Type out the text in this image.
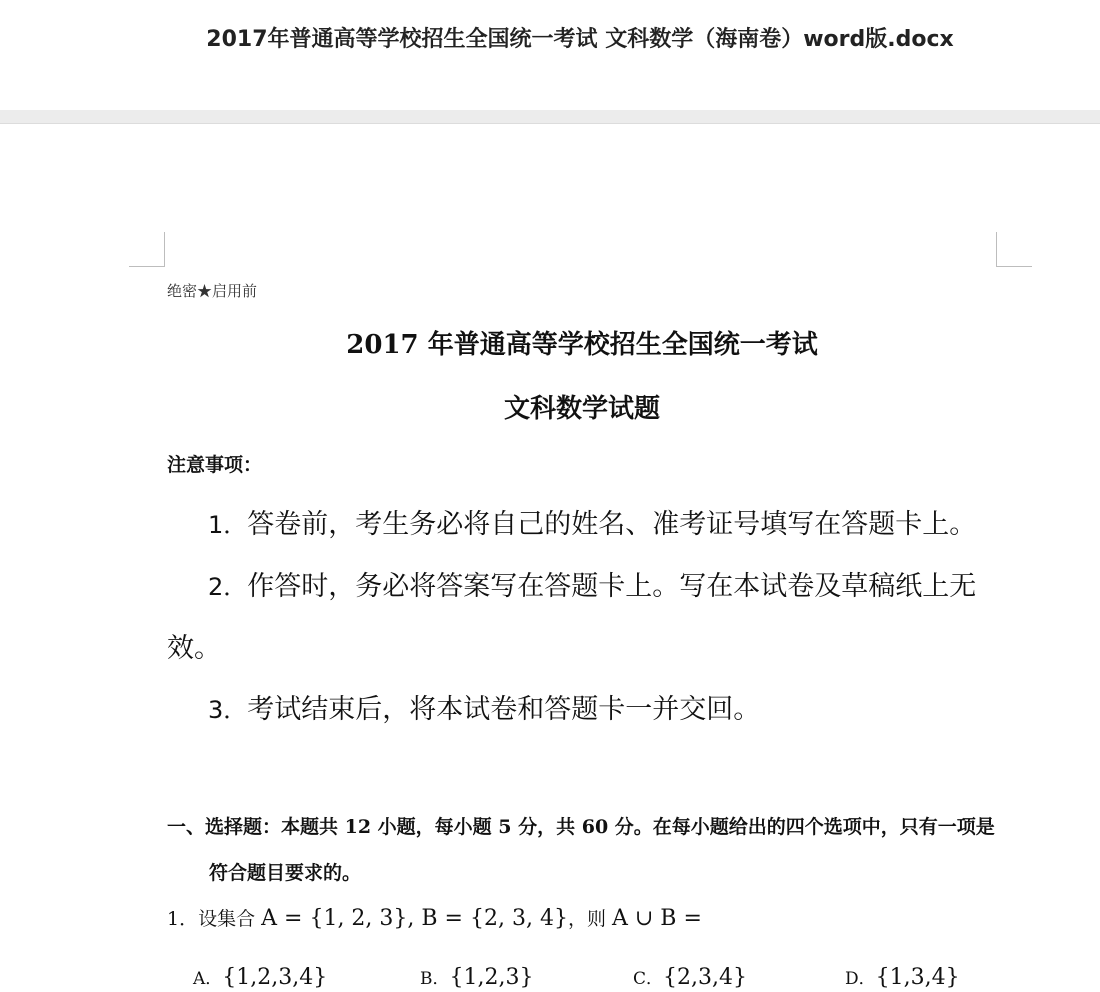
2017年普通高等学校招生全国统一考试 文科数学（海南卷）word版.docx
绝密★启用前
2017 年普通高等学校招生全国统一考试
文科数学试题
注意事项：
1．答卷前，考生务必将自己的姓名、准考证号填写在答题卡上。
2．作答时，务必将答案写在答题卡上。写在本试卷及草稿纸上无效。
3．考试结束后，将本试卷和答题卡一并交回。
一、选择题：本题共 12 小题，每小题 5 分，共 60 分。在每小题给出的四个选项中，只有一项是符合题目要求的。
1．设集合 A = {1, 2, 3}, B = {2, 3, 4}，则 A ∪ B =
A．{1,2,3,4}	B．{1,2,3}	C．{2,3,4}	D．{1,3,4}
